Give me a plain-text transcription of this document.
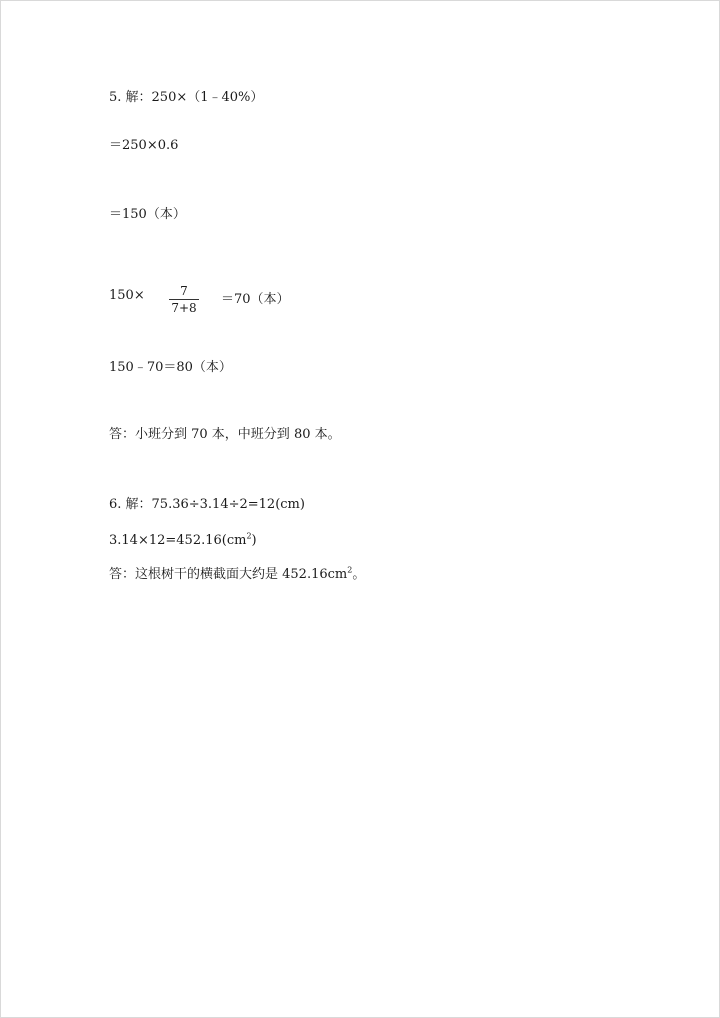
5. 解：250×（1﹣40%）
＝250×0.6
＝150（本）
150×	7
7+8
＝70（本）
150﹣70＝80（本）
答：小班分到 70 本，中班分到 80 本。
6. 解：75.36÷3.14÷2=12(cm)
$3.14\times 12=452.16(cm^2)$
答：这根树干的横截面大约是 $452.16cm^2$。
